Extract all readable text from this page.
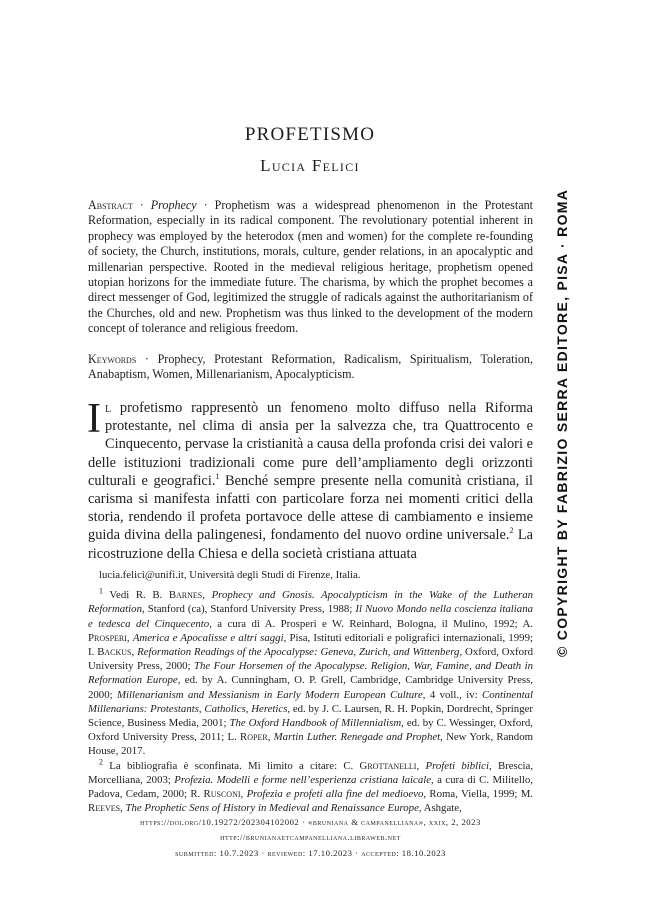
PROFETISMO
Lucia Felici
Abstract · Prophecy · Prophetism was a widespread phenomenon in the Protestant Reformation, especially in its radical component. The revolutionary potential inherent in prophecy was employed by the heterodox (men and women) for the complete re-founding of society, the Church, institutions, morals, culture, gender relations, in an apocalyptic and millenarian perspective. Rooted in the medieval religious heritage, prophetism opened utopian horizons for the immediate future. The charisma, by which the prophet becomes a direct messenger of God, legitimized the struggle of radicals against the authoritarianism of the Churches, old and new. Prophetism was thus linked to the development of the modern concept of tolerance and religious freedom.
Keywords · Prophecy, Protestant Reformation, Radicalism, Spiritualism, Toleration, Anabaptism, Women, Millenarianism, Apocalypticism.
Il profetismo rappresentò un fenomeno molto diffuso nella Riforma protestante, nel clima di ansia per la salvezza che, tra Quattrocento e Cinquecento, pervase la cristianità a causa della profonda crisi dei valori e delle istituzioni tradizionali come pure dell’ampliamento degli orizzonti culturali e geografici.$^1$ Benché sempre presente nella comunità cristiana, il carisma si manifesta infatti con particolare forza nei momenti critici della storia, rendendo il profeta portavoce delle attese di cambiamento e insieme guida divina della palingenesi, fondamento del nuovo ordine universale.$^2$ La ricostruzione della Chiesa e della società cristiana attuata

lucia.felici@unifi.it, Università degli Studi di Firenze, Italia.

$^1$ Vedi R. B. Barnes, Prophecy and Gnosis. Apocalypticism in the Wake of the Lutheran Reformation, Stanford (ca), Stanford University Press, 1988; Il Nuovo Mondo nella coscienza italiana e tedesca del Cinquecento, a cura di A. Prosperi e W. Reinhard, Bologna, il Mulino, 1992; A. Prosperi, America e Apocalisse e altri saggi, Pisa, Istituti editoriali e poligrafici internazionali, 1999; I. Backus, Reformation Readings of the Apocalypse: Geneva, Zurich, and Wittenberg, Oxford, Oxford University Press, 2000; The Four Horsemen of the Apocalypse. Religion, War, Famine, and Death in Reformation Europe, ed. by A. Cunningham, O. P. Grell, Cambridge, Cambridge University Press, 2000; Millenarianism and Messianism in Early Modern European Culture, 4 voll., iv: Continental Millenarians: Protestants, Catholics, Heretics, ed. by J. C. Laursen, R. H. Popkin, Dordrecht, Springer Science, Business Media, 2001; The Oxford Handbook of Millennialism, ed. by C. Wessinger, Oxford, Oxford University Press, 2011; L. Roper, Martin Luther. Renegade and Prophet, New York, Random House, 2017.

$^2$ La bibliografia è sconfinata. Mi limito a citare: C. Grottanelli, Profeti biblici, Brescia, Morcelliana, 2003; Profezia. Modelli e forme nell’esperienza cristiana laicale, a cura di C. Militello, Padova, Cedam, 2000; R. Rusconi, Profezia e profeti alla fine del medioevo, Roma, Viella, 1999; M. Reeves, The Prophetic Sens of History in Medieval and Renaissance Europe, Ashgate,

https://doi.org/10.19272/202304102002 · «bruniana & campanelliana», xxix, 2, 2023
http://brunianaetcampanelliana.libraweb.net
submitted: 10.7.2023 · reviewed: 17.10.2023 · accepted: 18.10.2023
© COPYRIGHT BY FABRIZIO SERRA EDITORE, PISA · ROMA
